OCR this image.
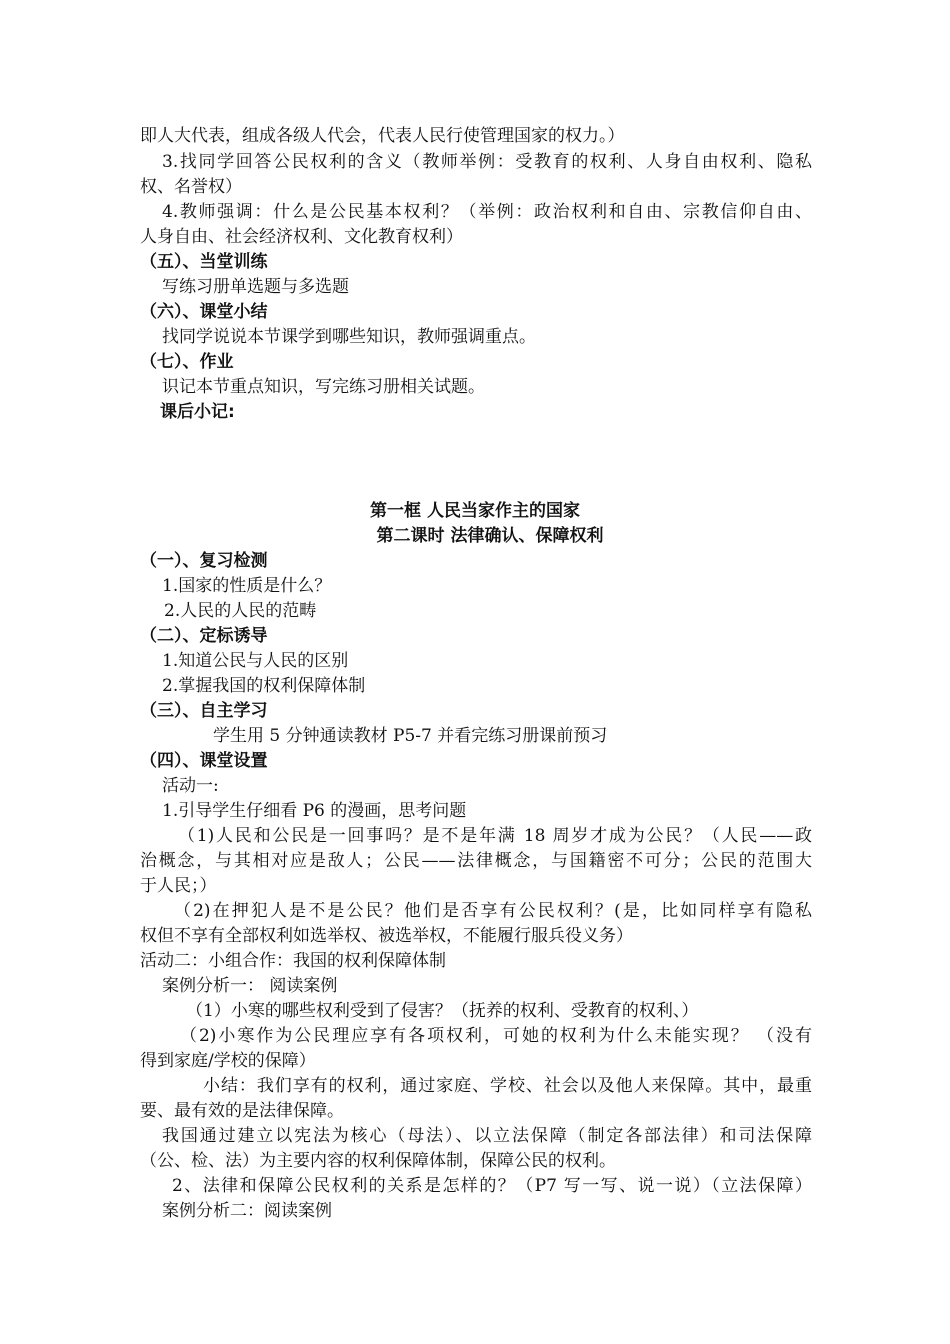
即人大代表，组成各级人代会，代表人民行使管理国家的权力。）
3.找同学回答公民权利的含义（教师举例：受教育的权利、人身自由权利、隐私
权、名誉权）
4.教师强调：什么是公民基本权利？（举例：政治权利和自由、宗教信仰自由、
人身自由、社会经济权利、文化教育权利）
（五）、当堂训练
写练习册单选题与多选题
（六）、课堂小结
找同学说说本节课学到哪些知识，教师强调重点。
（七）、作业
识记本节重点知识，写完练习册相关试题。
课后小记:
第一框 人民当家作主的国家
第二课时 法律确认、保障权利
（一）、复习检测
1.国家的性质是什么？
2.人民的人民的范畴
（二）、定标诱导
1.知道公民与人民的区别
2.掌握我国的权利保障体制
（三）、自主学习
学生用 5 分钟通读教材 P5-7 并看完练习册课前预习
（四）、课堂设置
活动一:
1.引导学生仔细看 P6 的漫画，思考问题
（1)人民和公民是一回事吗？是不是年满 18 周岁才成为公民？（人民——政
治概念，与其相对应是敌人；公民——法律概念，与国籍密不可分；公民的范围大
于人民；）
（2)在押犯人是不是公民？他们是否享有公民权利？(是，比如同样享有隐私
权但不享有全部权利如选举权、被选举权，不能履行服兵役义务）
活动二：小组合作：我国的权利保障体制
案例分析一： 阅读案例
（1）小寒的哪些权利受到了侵害？（抚养的权利、受教育的权利、）
（2)小寒作为公民理应享有各项权利，可她的权利为什么未能实现？ （没有
得到家庭/学校的保障）
小结：我们享有的权利，通过家庭、学校、社会以及他人来保障。其中，最重
要、最有效的是法律保障。
我国通过建立以宪法为核心（母法）、以立法保障（制定各部法律）和司法保障
（公、检、法）为主要内容的权利保障体制，保障公民的权利。
2、法律和保障公民权利的关系是怎样的？（P7 写一写、说一说）（立法保障）
案例分析二：阅读案例
